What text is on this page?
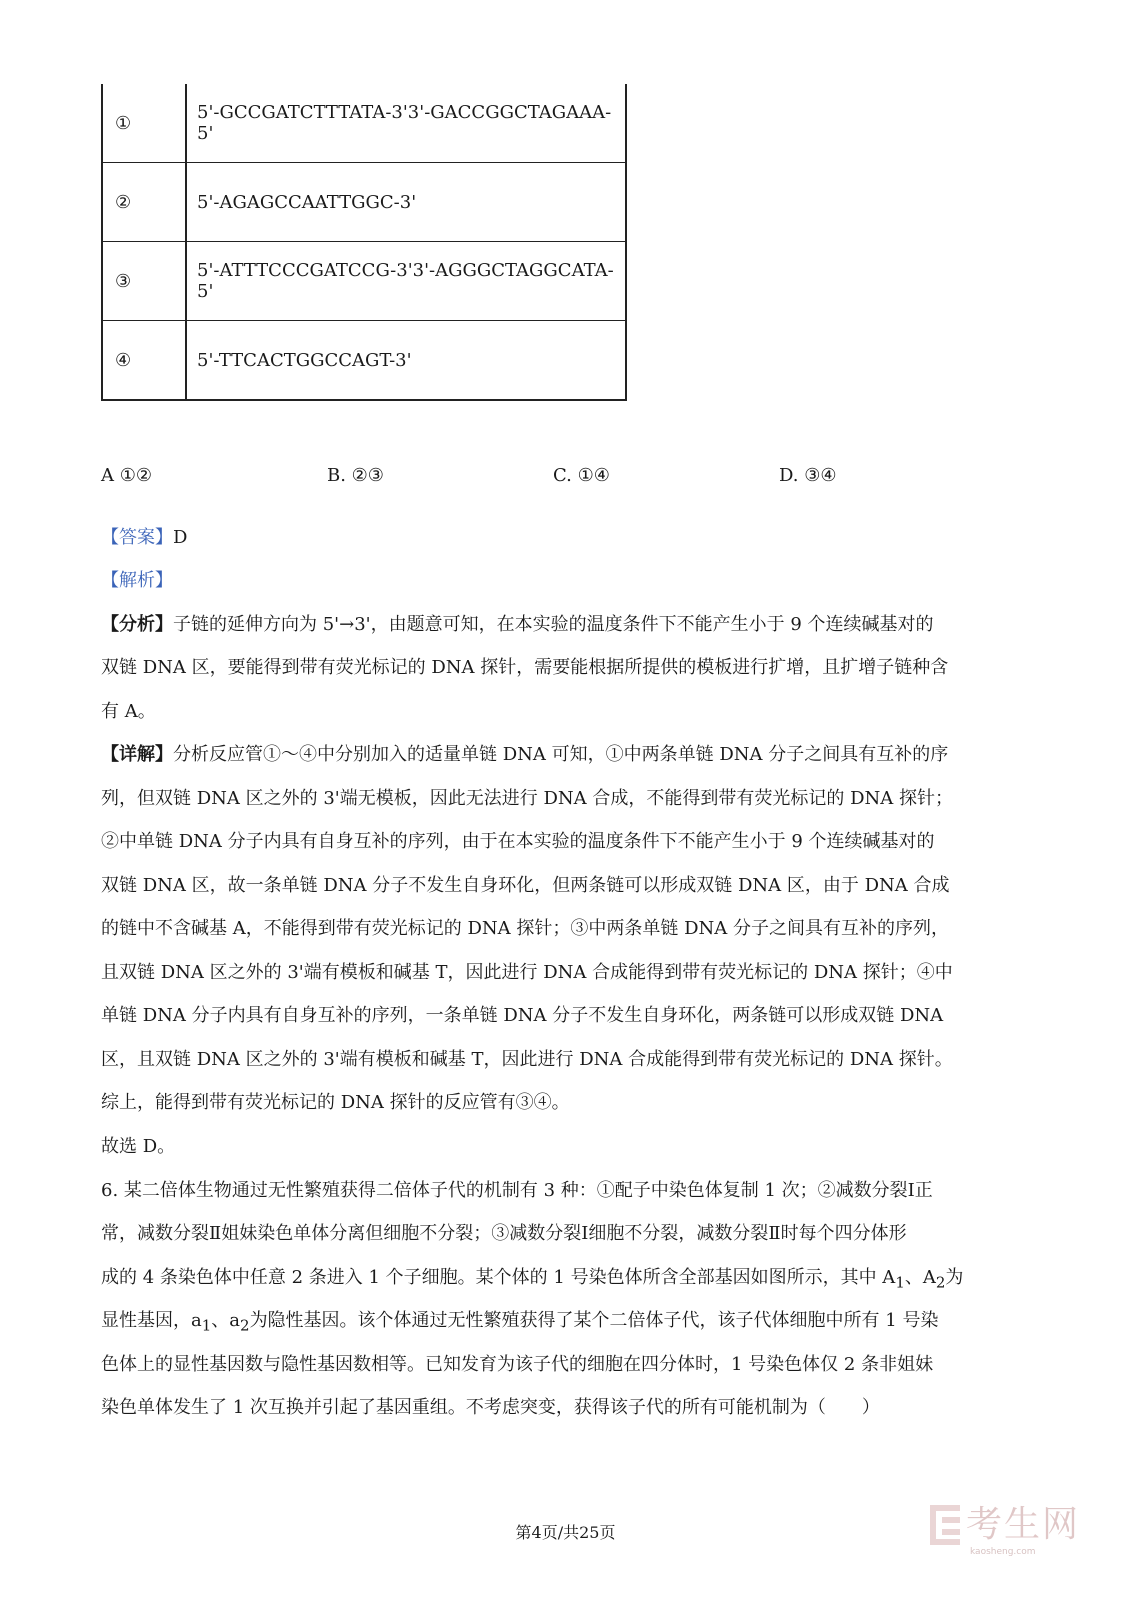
①	5'-GCCGATCTTTATA-3'3'-GACCGGCTAGAAA-5'
②	5'-AGAGCCAATTGGC-3'
③	5'-ATTTCCCGATCCG-3'3'-AGGGCTAGGCATA-5'
④	5'-TTCACTGGCCAGT-3'
A ①②	B. ②③	C. ①④	D. ③④
【答案】D
【解析】
【分析】子链的延伸方向为 5'→3'，由题意可知，在本实验的温度条件下不能产生小于 9 个连续碱基对的
双链 DNA 区，要能得到带有荧光标记的 DNA 探针，需要能根据所提供的模板进行扩增，且扩增子链种含
有 A。
【详解】分析反应管①～④中分别加入的适量单链 DNA 可知，①中两条单链 DNA 分子之间具有互补的序
列，但双链 DNA 区之外的 3'端无模板，因此无法进行 DNA 合成，不能得到带有荧光标记的 DNA 探针；
②中单链 DNA 分子内具有自身互补的序列，由于在本实验的温度条件下不能产生小于 9 个连续碱基对的
双链 DNA 区，故一条单链 DNA 分子不发生自身环化，但两条链可以形成双链 DNA 区，由于 DNA 合成
的链中不含碱基 A，不能得到带有荧光标记的 DNA 探针；③中两条单链 DNA 分子之间具有互补的序列，
且双链 DNA 区之外的 3'端有模板和碱基 T，因此进行 DNA 合成能得到带有荧光标记的 DNA 探针；④中
单链 DNA 分子内具有自身互补的序列，一条单链 DNA 分子不发生自身环化，两条链可以形成双链 DNA
区，且双链 DNA 区之外的 3'端有模板和碱基 T，因此进行 DNA 合成能得到带有荧光标记的 DNA 探针。
综上，能得到带有荧光标记的 DNA 探针的反应管有③④。
故选 D。
6. 某二倍体生物通过无性繁殖获得二倍体子代的机制有 3 种：①配子中染色体复制 1 次；②减数分裂Ⅰ正
常，减数分裂Ⅱ姐妹染色单体分离但细胞不分裂；③减数分裂Ⅰ细胞不分裂，减数分裂Ⅱ时每个四分体形
成的 4 条染色体中任意 2 条进入 1 个子细胞。某个体的 1 号染色体所含全部基因如图所示，其中 $A_1$、$A_2$为
显性基因，$a_1$、$a_2$为隐性基因。该个体通过无性繁殖获得了某个二倍体子代，该子代体细胞中所有 1 号染
色体上的显性基因数与隐性基因数相等。已知发育为该子代的细胞在四分体时，1 号染色体仅 2 条非姐妹
染色单体发生了 1 次互换并引起了基因重组。不考虑突变，获得该子代的所有可能机制为（　　）
第4页/共25页	考生网
kaosheng.com
